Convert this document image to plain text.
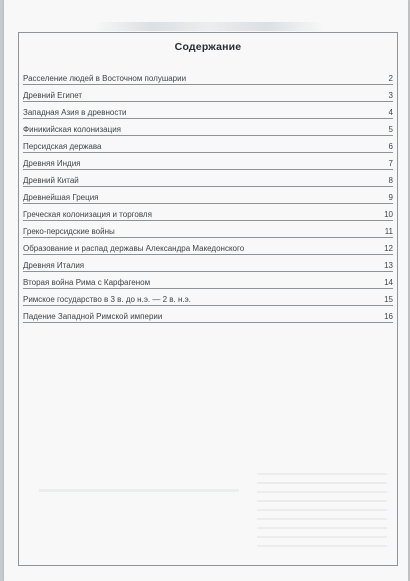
Содержание
Расселение людей в Восточном полушарии	2
Древний Египет	3
Западная Азия в древности	4
Финикийская колонизация	5
Персидская держава	6
Древняя Индия	7
Древний Китай	8
Древнейшая Греция	9
Греческая колонизация и торговля	10
Греко-персидские войны	11
Образование и распад державы Александра Македонского	12
Древняя Италия	13
Вторая война Рима с Карфагеном	14
Римское государство в 3 в. до н.э. — 2 в. н.э.	15
Падение Западной Римской империи	16
